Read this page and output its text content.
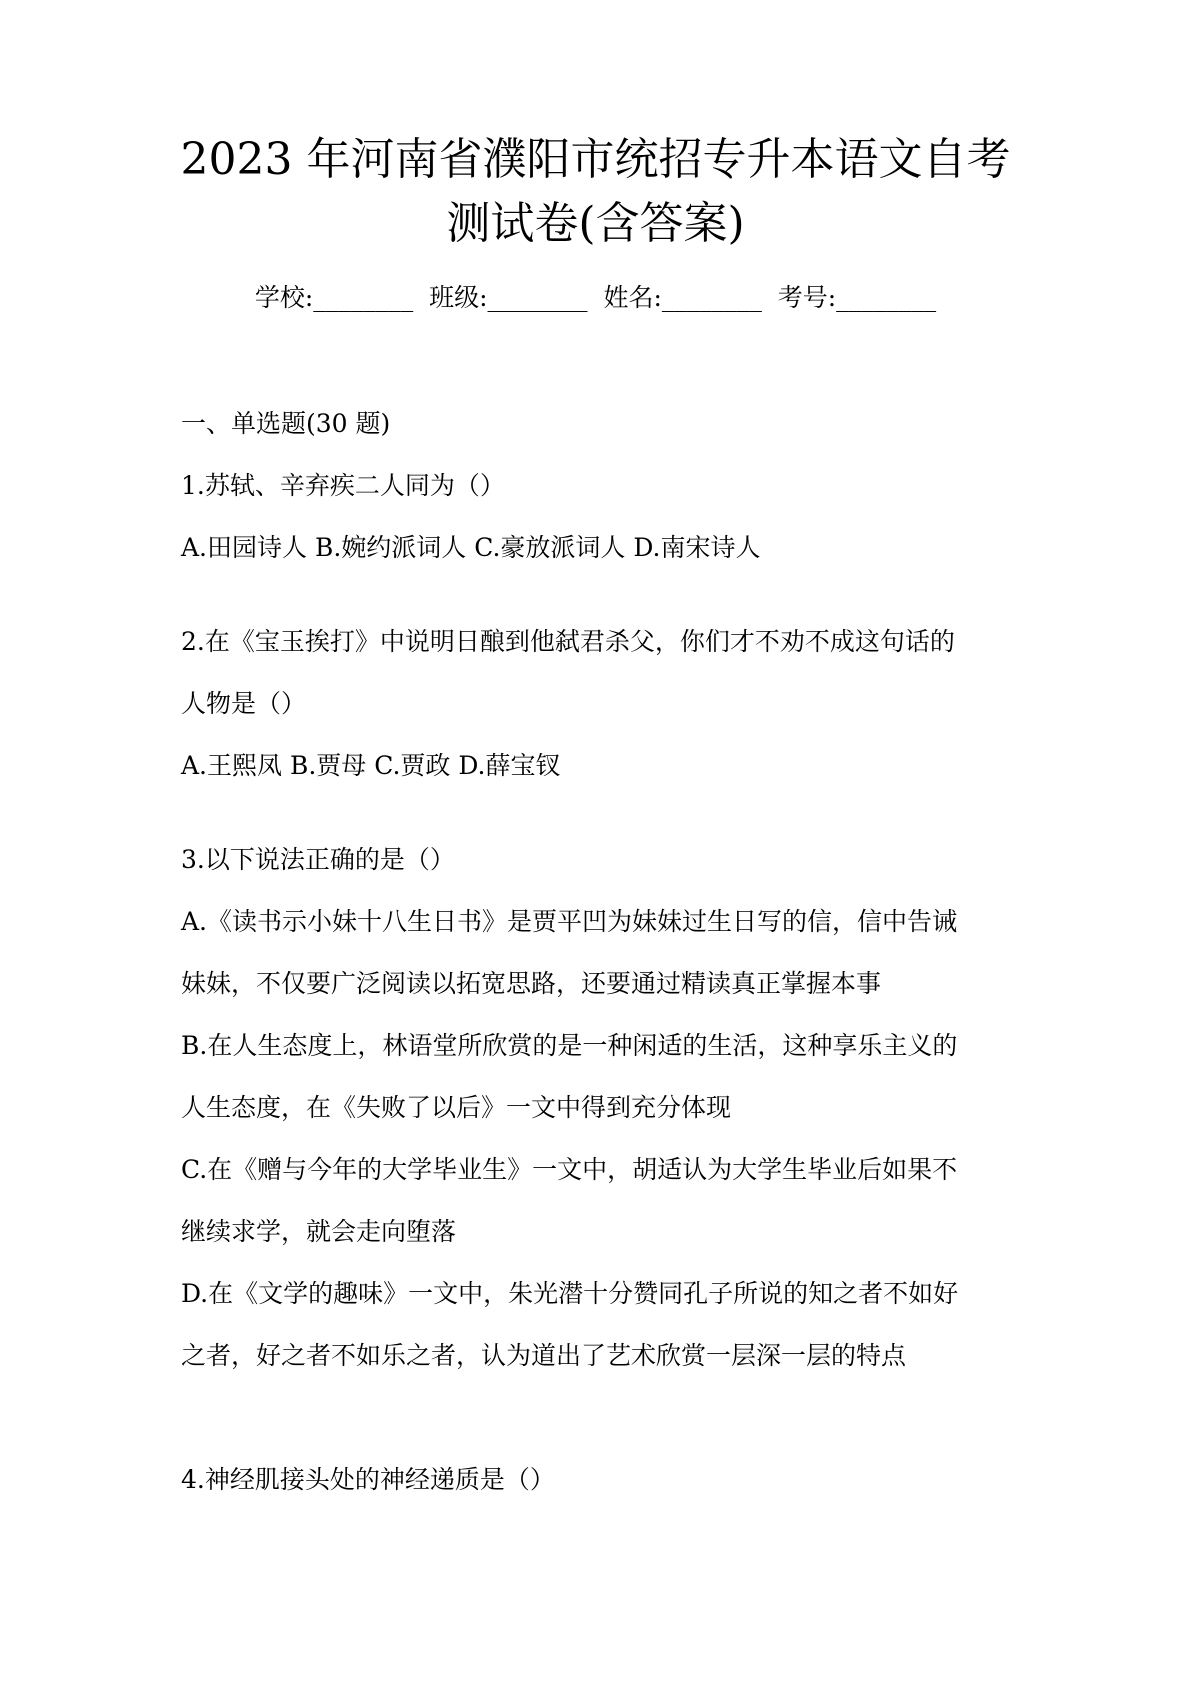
2023 年河南省濮阳市统招专升本语文自考
测试卷(含答案)
学校:________  班级:________  姓名:________  考号:________
一、单选题(30 题)
1.苏轼、辛弃疾二人同为（）
A.田园诗人 B.婉约派词人 C.豪放派词人 D.南宋诗人
2.在《宝玉挨打》中说明日酿到他弑君杀父，你们才不劝不成这句话的
人物是（）
A.王熙凤 B.贾母 C.贾政 D.薛宝钗
3.以下说法正确的是（）
A.《读书示小妹十八生日书》是贾平凹为妹妹过生日写的信，信中告诫
妹妹，不仅要广泛阅读以拓宽思路，还要通过精读真正掌握本事
B.在人生态度上，林语堂所欣赏的是一种闲适的生活，这种享乐主义的
人生态度，在《失败了以后》一文中得到充分体现
C.在《赠与今年的大学毕业生》一文中，胡适认为大学生毕业后如果不
继续求学，就会走向堕落
D.在《文学的趣味》一文中，朱光潜十分赞同孔子所说的知之者不如好
之者，好之者不如乐之者，认为道出了艺术欣赏一层深一层的特点
4.神经肌接头处的神经递质是（）
